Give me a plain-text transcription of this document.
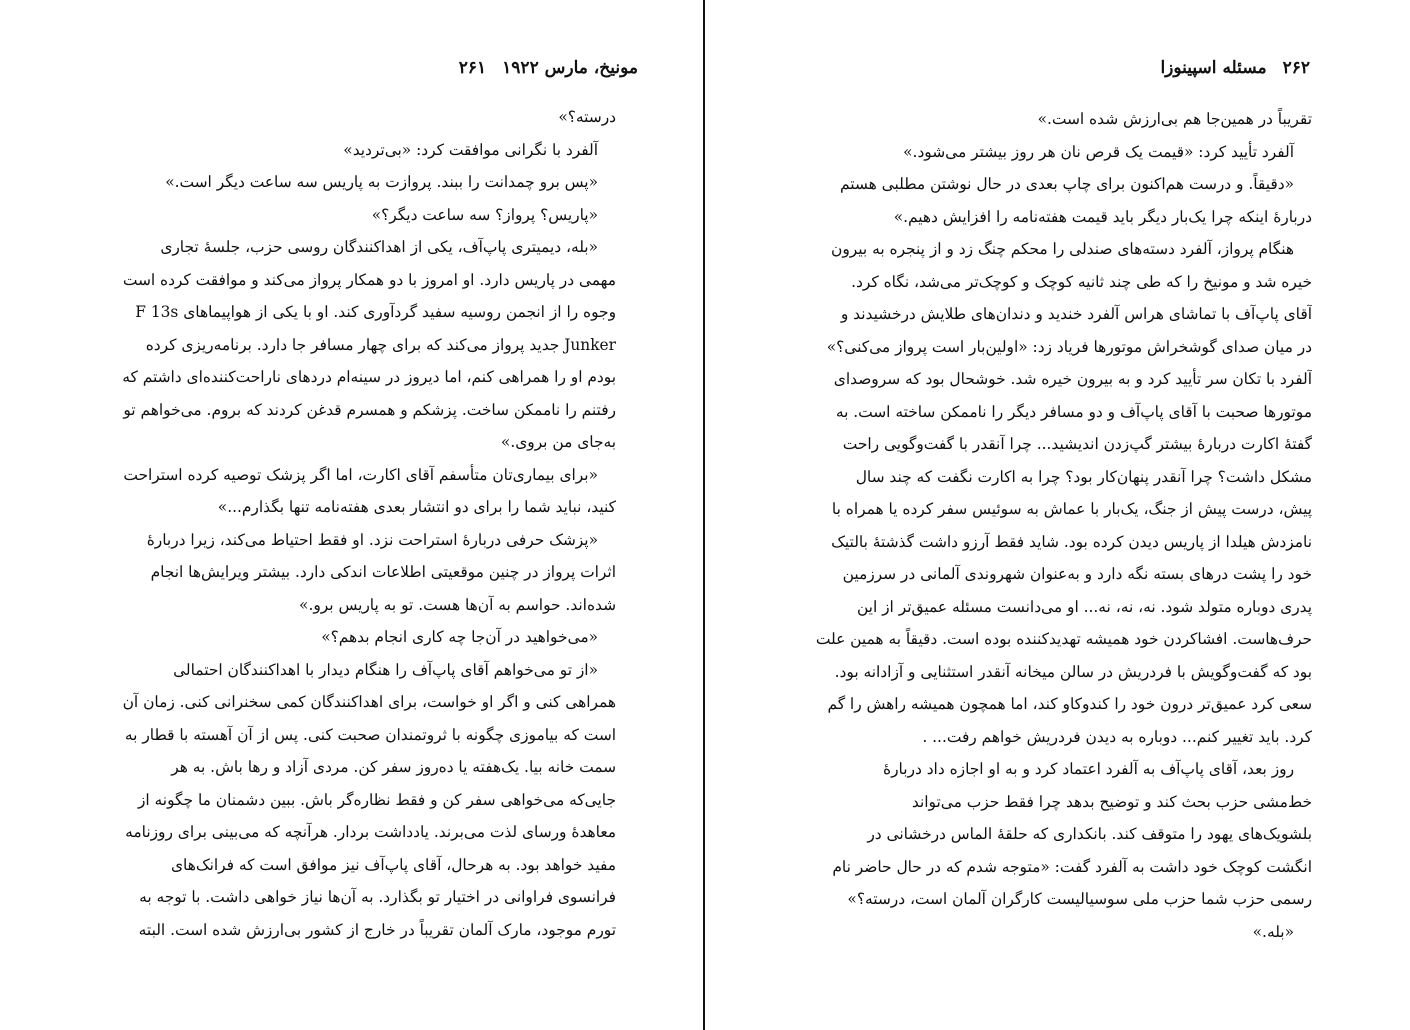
مونیخ، مارس ۱۹۲۲
۲۶۱
درسته؟»
آلفرد با نگرانی موافقت کرد: «بی‌تردید»
«پس برو چمدانت را ببند. پروازت به پاریس سه ساعت دیگر است.»
«پاریس؟ پرواز؟ سه ساعت دیگر؟»
«بله، دیمیتری پاپ‌آف، یکی از اهداکنندگان روسی حزب، جلسهٔ تجاری
مهمی در پاریس دارد. او امروز با دو همکار پرواز می‌کند و موافقت کرده است
وجوه را از انجمن روسیه سفید گردآوری کند. او با یکی از هواپیماهای F 13s
Junker جدید پرواز می‌کند که برای چهار مسافر جا دارد. برنامه‌ریزی کرده
بودم او را همراهی کنم، اما دیروز در سینه‌ام دردهای ناراحت‌کننده‌ای داشتم که
رفتنم را ناممکن ساخت. پزشکم و همسرم قدغن کردند که بروم. می‌خواهم تو
به‌جای من بروی.»
«برای بیماری‌تان متأسفم آقای اکارت، اما اگر پزشک توصیه کرده استراحت
کنید، نباید شما را برای دو انتشار بعدی هفته‌نامه تنها بگذارم...»
«پزشک حرفی دربارهٔ استراحت نزد. او فقط احتیاط می‌کند، زیرا دربارهٔ
اثرات پرواز در چنین موقعیتی اطلاعات اندکی دارد. بیشتر ویرایش‌ها انجام
شده‌اند. حواسم به آن‌ها هست. تو به پاریس برو.»
«می‌خواهید در آن‌جا چه کاری انجام بدهم؟»
«از تو می‌خواهم آقای پاپ‌آف را هنگام دیدار با اهداکنندگان احتمالی
همراهی کنی و اگر او خواست، برای اهداکنندگان کمی سخنرانی کنی. زمان آن
است که بیاموزی چگونه با ثروتمندان صحبت کنی. پس از آن آهسته با قطار به
سمت خانه بیا. یک‌هفته یا ده‌روز سفر کن. مردی آزاد و رها باش. به هر
جایی‌که می‌خواهی سفر کن و فقط نظاره‌گر باش. ببین دشمنان ما چگونه از
معاهدهٔ ورسای لذت می‌برند. یادداشت بردار. هرآنچه که می‌بینی برای روزنامه
مفید خواهد بود. به هرحال، آقای پاپ‌آف نیز موافق است که فرانک‌های
فرانسوی فراوانی در اختیار تو بگذارد. به آن‌ها نیاز خواهی داشت. با توجه به
تورم موجود، مارک آلمان تقریباً در خارج از کشور بی‌ارزش شده است. البته
۲۶۲
مسئله اسپینوزا
تقریباً در همین‌جا هم بی‌ارزش شده است.»
آلفرد تأیید کرد: «قیمت یک قرص نان هر روز بیشتر می‌شود.»
«دقیقاً. و درست هم‌اکنون برای چاپ بعدی در حال نوشتن مطلبی هستم
دربارهٔ اینکه چرا یک‌بار دیگر باید قیمت هفته‌نامه را افزایش دهیم.»
هنگام پرواز، آلفرد دسته‌های صندلی را محکم چنگ زد و از پنجره به بیرون
خیره شد و مونیخ را که طی چند ثانیه کوچک و کوچک‌تر می‌شد، نگاه کرد.
آقای پاپ‌آف با تماشای هراس آلفرد خندید و دندان‌های طلایش درخشیدند و
در میان صدای گوشخراش موتورها فریاد زد: «اولین‌بار است پرواز می‌کنی؟»
آلفرد با تکان سر تأیید کرد و به بیرون خیره شد. خوشحال بود که سروصدای
موتورها صحبت با آقای پاپ‌آف و دو مسافر دیگر را ناممکن ساخته است. به
گفتهٔ اکارت دربارهٔ بیشتر گپ‌زدن اندیشید... چرا آنقدر با گفت‌وگویی راحت
مشکل داشت؟ چرا آنقدر پنهان‌کار بود؟ چرا به اکارت نگفت که چند سال
پیش، درست پیش از جنگ، یک‌بار با عماش به سوئیس سفر کرده یا همراه با
نامزدش هیلدا از پاریس دیدن کرده بود. شاید فقط آرزو داشت گذشتهٔ بالتیک
خود را پشت درهای بسته نگه دارد و به‌عنوان شهروندی آلمانی در سرزمین
پدری دوباره متولد شود. نه، نه، نه... او می‌دانست مسئله عمیق‌تر از این
حرف‌هاست. افشاکردن خود همیشه تهدیدکننده بوده است. دقیقاً به همین علت
بود که گفت‌وگویش با فردریش در سالن میخانه آنقدر استثنایی و آزادانه بود.
سعی کرد عمیق‌تر درون خود را کندوکاو کند، اما همچون همیشه راهش را گم
کرد. باید تغییر کنم... دوباره به دیدن فردریش خواهم رفت... .
روز بعد، آقای پاپ‌آف به آلفرد اعتماد کرد و به او اجازه داد دربارهٔ
خط‌مشی حزب بحث کند و توضیح بدهد چرا فقط حزب می‌تواند
بلشویک‌های یهود را متوقف کند. بانکداری که حلقهٔ الماس درخشانی در
انگشت کوچک خود داشت به آلفرد گفت: «متوجه شدم که در حال حاضر نام
رسمی حزب شما حزب ملی سوسیالیست کارگران آلمان است، درسته؟»
«بله.»
